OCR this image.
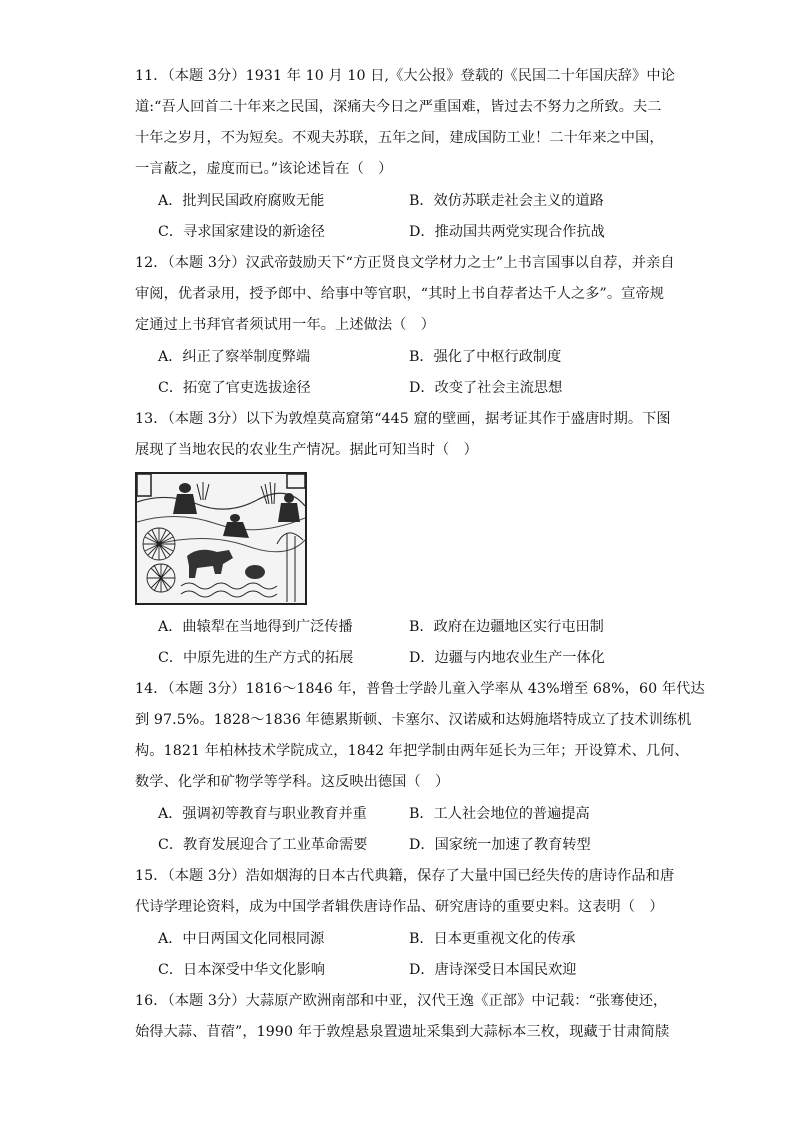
11．（本题 3分）1931 年 10 月 10 日,《大公报》登载的《民国二十年国庆辞》中论
道:“吾人回首二十年来之民国，深痛夫今日之严重国难，皆过去不努力之所致。夫二
十年之岁月，不为短矣。不观夫苏联，五年之间，建成国防工业！二十年来之中国，
一言蔽之，虚度而已。”该论述旨在（　）
A．批判民国政府腐败无能	B．效仿苏联走社会主义的道路
C．寻求国家建设的新途径	D．推动国共两党实现合作抗战
12．（本题 3分）汉武帝鼓励天下“方正贤良文学材力之士”上书言国事以自荐，并亲自
审阅，优者录用，授予郎中、给事中等官职，“其时上书自荐者达千人之多”。宣帝规
定通过上书拜官者须试用一年。上述做法（　）
A．纠正了察举制度弊端	B．强化了中枢行政制度
C．拓宽了官吏选拔途径	D．改变了社会主流思想
13．（本题 3分）以下为敦煌莫高窟第“445 窟的壁画，据考证其作于盛唐时期。下图
展现了当地农民的农业生产情况。据此可知当时（　）
A．曲辕犁在当地得到广泛传播	B．政府在边疆地区实行屯田制
C．中原先进的生产方式的拓展	D．边疆与内地农业生产一体化
14．（本题 3分）1816～1846 年，普鲁士学龄儿童入学率从 43%增至 68%，60 年代达
到 97.5%。1828～1836 年德累斯顿、卡塞尔、汉诺威和达姆施塔特成立了技术训练机
构。1821 年柏林技术学院成立，1842 年把学制由两年延长为三年；开设算术、几何、
数学、化学和矿物学等学科。这反映出德国（　）
A．强调初等教育与职业教育并重	B．工人社会地位的普遍提高
C．教育发展迎合了工业革命需要	D．国家统一加速了教育转型
15．（本题 3分）浩如烟海的日本古代典籍，保存了大量中国已经失传的唐诗作品和唐
代诗学理论资料，成为中国学者辑佚唐诗作品、研究唐诗的重要史料。这表明（　）
A．中日两国文化同根同源	B．日本更重视文化的传承
C．日本深受中华文化影响	D．唐诗深受日本国民欢迎
16．（本题 3分）大蒜原产欧洲南部和中亚，汉代王逸《正部》中记载：“张骞使还，
始得大蒜、苜蓿”，1990 年于敦煌悬泉置遗址采集到大蒜标本三枚，现藏于甘肃简牍
